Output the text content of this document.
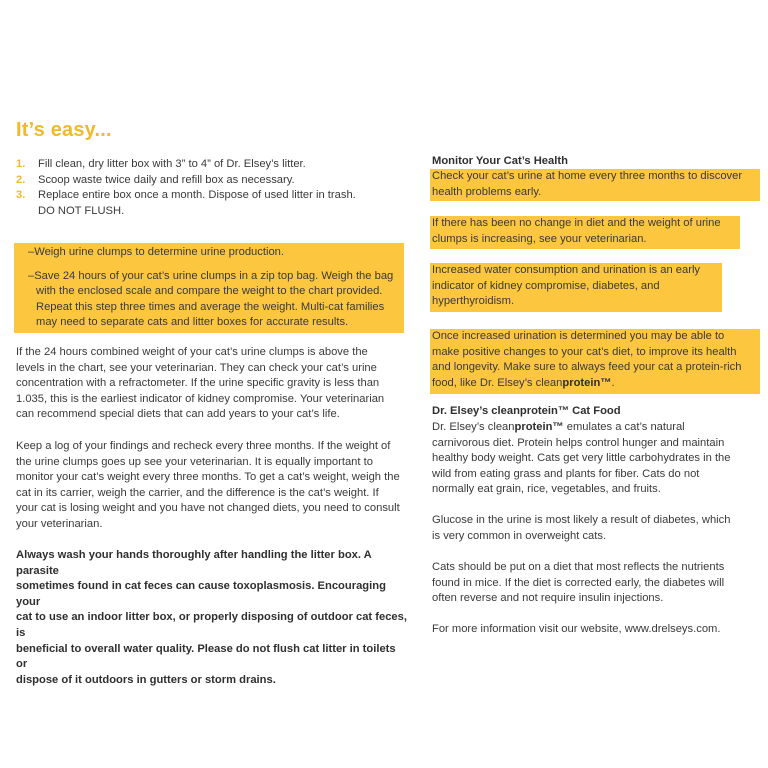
It’s easy...
1. Fill clean, dry litter box with 3” to 4” of Dr. Elsey’s litter.
2. Scoop waste twice daily and refill box as necessary.
3. Replace entire box once a month. Dispose of used litter in trash.
DO NOT FLUSH.
–Weigh urine clumps to determine urine production.
–Save 24 hours of your cat’s urine clumps in a zip top bag. Weigh the bag
with the enclosed scale and compare the weight to the chart provided.
Repeat this step three times and average the weight. Multi-cat families
may need to separate cats and litter boxes for accurate results.
If the 24 hours combined weight of your cat’s urine clumps is above the
levels in the chart, see your veterinarian. They can check your cat’s urine
concentration with a refractometer. If the urine specific gravity is less than
1.035, this is the earliest indicator of kidney compromise. Your veterinarian
can recommend special diets that can add years to your cat’s life.
Keep a log of your findings and recheck every three months. If the weight of
the urine clumps goes up see your veterinarian. It is equally important to
monitor your cat’s weight every three months. To get a cat’s weight, weigh the
cat in its carrier, weigh the carrier, and the difference is the cat’s weight. If
your cat is losing weight and you have not changed diets, you need to consult
your veterinarian.
Always wash your hands thoroughly after handling the litter box. A parasite
sometimes found in cat feces can cause toxoplasmosis. Encouraging your
cat to use an indoor litter box, or properly disposing of outdoor cat feces, is
beneficial to overall water quality. Please do not flush cat litter in toilets or
dispose of it outdoors in gutters or storm drains.
Monitor Your Cat’s Health
Check your cat’s urine at home every three months to discover
health problems early.
If there has been no change in diet and the weight of urine
clumps is increasing, see your veterinarian.
Increased water consumption and urination is an early
indicator of kidney compromise, diabetes, and
hyperthyroidism.
Once increased urination is determined you may be able to
make positive changes to your cat’s diet, to improve its health
and longevity. Make sure to always feed your cat a protein-rich
food, like Dr. Elsey’s cleanprotein™.
Dr. Elsey’s cleanprotein™ Cat Food
Dr. Elsey’s cleanprotein™ emulates a cat’s natural
carnivorous diet. Protein helps control hunger and maintain
healthy body weight. Cats get very little carbohydrates in the
wild from eating grass and plants for fiber. Cats do not
normally eat grain, rice, vegetables, and fruits.
Glucose in the urine is most likely a result of diabetes, which
is very common in overweight cats.
Cats should be put on a diet that most reflects the nutrients
found in mice. If the diet is corrected early, the diabetes will
often reverse and not require insulin injections.
For more information visit our website, www.drelseys.com.
